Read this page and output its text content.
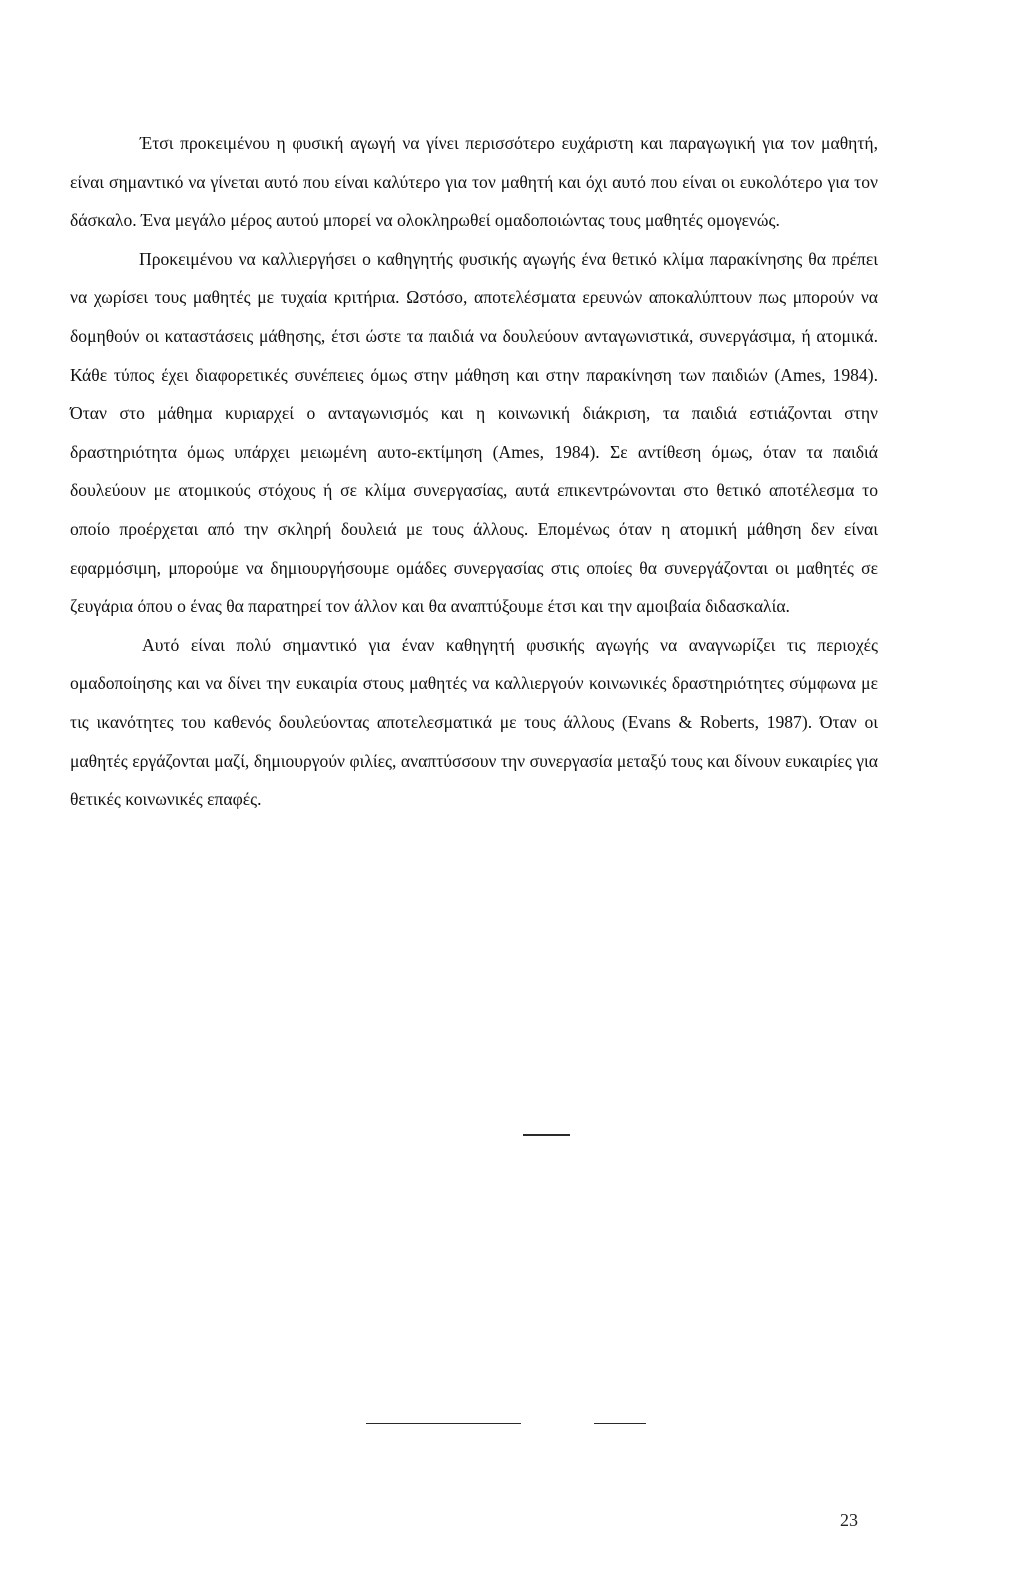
Έτσι προκειμένου η φυσική αγωγή να γίνει περισσότερο ευχάριστη και παραγωγική για τον μαθητή, είναι σημαντικό να γίνεται αυτό που είναι καλύτερο για τον μαθητή και όχι αυτό που είναι οι ευκολότερο για τον δάσκαλο. Ένα μεγάλο μέρος αυτού μπορεί να ολοκληρωθεί ομαδοποιώντας τους μαθητές ομογενώς.

Προκειμένου να καλλιεργήσει ο καθηγητής φυσικής αγωγής ένα θετικό κλίμα παρακίνησης θα πρέπει να χωρίσει τους μαθητές με τυχαία κριτήρια. Ωστόσο, αποτελέσματα ερευνών αποκαλύπτουν πως μπορούν να δομηθούν οι καταστάσεις μάθησης, έτσι ώστε τα παιδιά να δουλεύουν ανταγωνιστικά, συνεργάσιμα, ή ατομικά. Κάθε τύπος έχει διαφορετικές συνέπειες όμως στην μάθηση και στην παρακίνηση των παιδιών (Ames, 1984). Όταν στο μάθημα κυριαρχεί ο ανταγωνισμός και η κοινωνική διάκριση, τα παιδιά εστιάζονται στην δραστηριότητα όμως υπάρχει μειωμένη αυτο-εκτίμηση (Ames, 1984). Σε αντίθεση όμως, όταν τα παιδιά δουλεύουν με ατομικούς στόχους ή σε κλίμα συνεργασίας, αυτά επικεντρώνονται στο θετικό αποτέλεσμα το οποίο προέρχεται από την σκληρή δουλειά με τους άλλους. Επομένως όταν η ατομική μάθηση δεν είναι εφαρμόσιμη, μπορούμε να δημιουργήσουμε ομάδες συνεργασίας στις οποίες θα συνεργάζονται οι μαθητές σε ζευγάρια όπου ο ένας θα παρατηρεί τον άλλον και θα αναπτύξουμε έτσι και την αμοιβαία διδασκαλία.

Αυτό είναι πολύ σημαντικό για έναν καθηγητή φυσικής αγωγής να αναγνωρίζει τις περιοχές ομαδοποίησης και να δίνει την ευκαιρία στους μαθητές να καλλιεργούν κοινωνικές δραστηριότητες σύμφωνα με τις ικανότητες του καθενός δουλεύοντας αποτελεσματικά με τους άλλους (Evans & Roberts, 1987). Όταν οι μαθητές εργάζονται μαζί, δημιουργούν φιλίες, αναπτύσσουν την συνεργασία μεταξύ τους και δίνουν ευκαιρίες για θετικές κοινωνικές επαφές.

23
